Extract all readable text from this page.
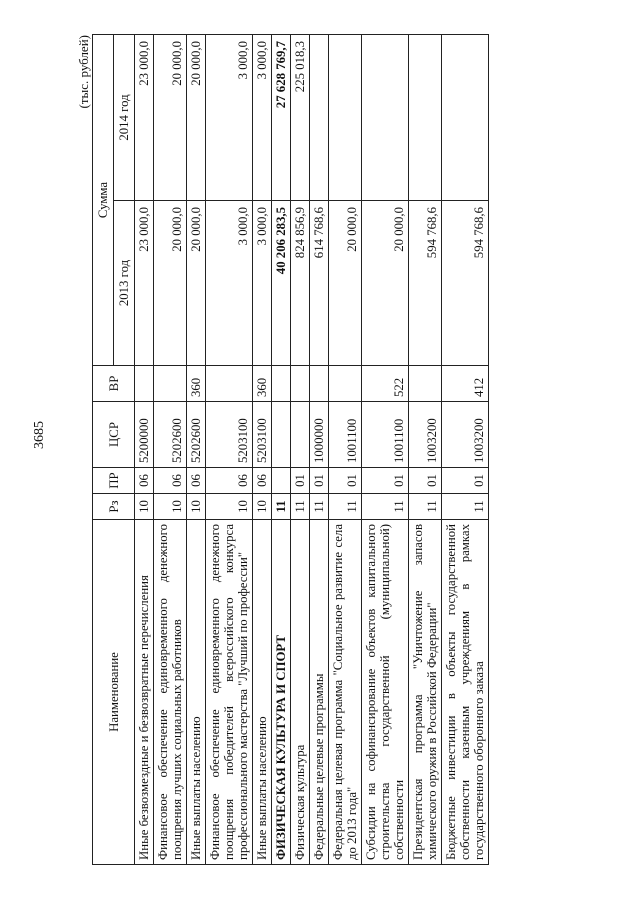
3685
(тыс. рублей)
Наименование	Рз	ПР	ЦСР	ВР	Сумма	
					2013 год	2014 год
Иные безвозмездные и безвозвратные перечисления	10	06	5200000		23 000,0	23 000,0
Финансовое обеспечение единовременного денежного поощрения лучших социальных работников	10	06	5202600		20 000,0	20 000,0
Иные выплаты населению	10	06	5202600	360	20 000,0	20 000,0
Финансовое обеспечение единовременного денежного поощрения победителей всероссийского конкурса профессионального мастерства "Лучший по профессии"	10	06	5203100		3 000,0	3 000,0
Иные выплаты населению	10	06	5203100	360	3 000,0	3 000,0
ФИЗИЧЕСКАЯ КУЛЬТУРА И СПОРТ	11				40 206 283,5	27 628 769,7
Физическая культура	11	01			824 856,9	225 018,3
Федеральные целевые программы	11	01	1000000		614 768,6	
Федеральная целевая программа "Социальное развитие села до 2013 года"	11	01	1001100		20 000,0	
Субсидии на софинансирование объектов капитального строительства государственной (муниципальной) собственности	11	01	1001100	522	20 000,0	
Президентская программа "Уничтожение запасов химического оружия в Российской Федерации"	11	01	1003200		594 768,6	
Бюджетные инвестиции в объекты государственной собственности казенным учреждениям в рамках государственного оборонного заказа	11	01	1003200	412	594 768,6	
